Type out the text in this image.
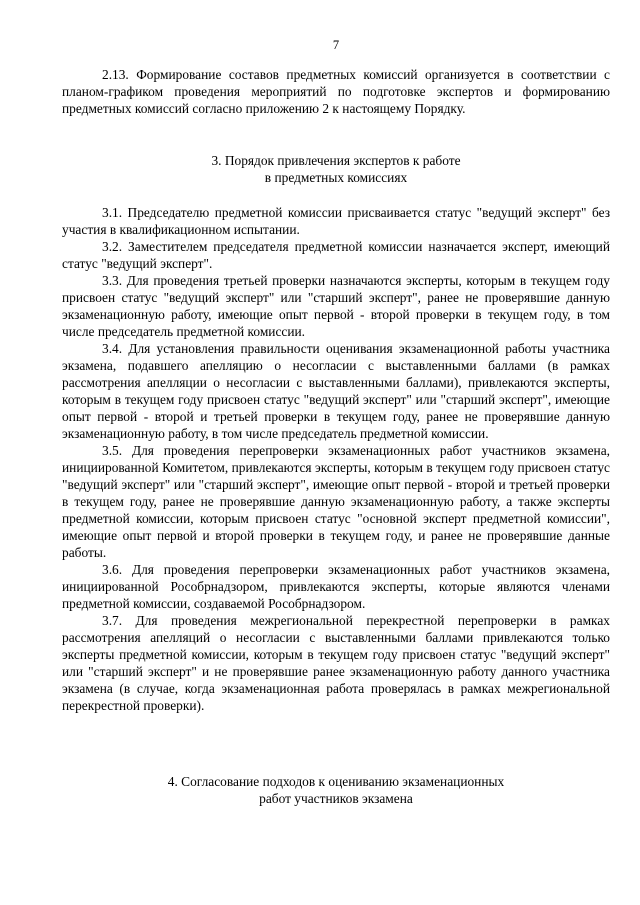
7

2.13. Формирование составов предметных комиссий организуется в соответствии с планом-графиком проведения мероприятий по подготовке экспертов и формированию предметных комиссий согласно приложению 2 к настоящему Порядку.

3. Порядок привлечения экспертов к работе
в предметных комиссиях

3.1. Председателю предметной комиссии присваивается статус "ведущий эксперт" без участия в квалификационном испытании.

3.2. Заместителем председателя предметной комиссии назначается эксперт, имеющий статус "ведущий эксперт".

3.3. Для проведения третьей проверки назначаются эксперты, которым в текущем году присвоен статус "ведущий эксперт" или "старший эксперт", ранее не проверявшие данную экзаменационную работу, имеющие опыт первой - второй проверки в текущем году, в том числе председатель предметной комиссии.

3.4. Для установления правильности оценивания экзаменационной работы участника экзамена, подавшего апелляцию о несогласии с выставленными баллами (в рамках рассмотрения апелляции о несогласии с выставленными баллами), привлекаются эксперты, которым в текущем году присвоен статус "ведущий эксперт" или "старший эксперт", имеющие опыт первой - второй и третьей проверки в текущем году, ранее не проверявшие данную экзаменационную работу, в том числе председатель предметной комиссии.

3.5. Для проведения перепроверки экзаменационных работ участников экзамена, инициированной Комитетом, привлекаются эксперты, которым в текущем году присвоен статус "ведущий эксперт" или "старший эксперт", имеющие опыт первой - второй и третьей проверки в текущем году, ранее не проверявшие данную экзаменационную работу, а также эксперты предметной комиссии, которым присвоен статус "основной эксперт предметной комиссии", имеющие опыт первой и второй проверки в текущем году, и ранее не проверявшие данные работы.

3.6. Для проведения перепроверки экзаменационных работ участников экзамена, инициированной Рособрнадзором, привлекаются эксперты, которые являются членами предметной комиссии, создаваемой Рособрнадзором.

3.7. Для проведения межрегиональной перекрестной перепроверки в рамках рассмотрения апелляций о несогласии с выставленными баллами привлекаются только эксперты предметной комиссии, которым в текущем году присвоен статус "ведущий эксперт" или "старший эксперт" и не проверявшие ранее экзаменационную работу данного участника экзамена (в случае, когда экзаменационная работа проверялась в рамках межрегиональной перекрестной проверки).

4. Согласование подходов к оцениванию экзаменационных
работ участников экзамена
